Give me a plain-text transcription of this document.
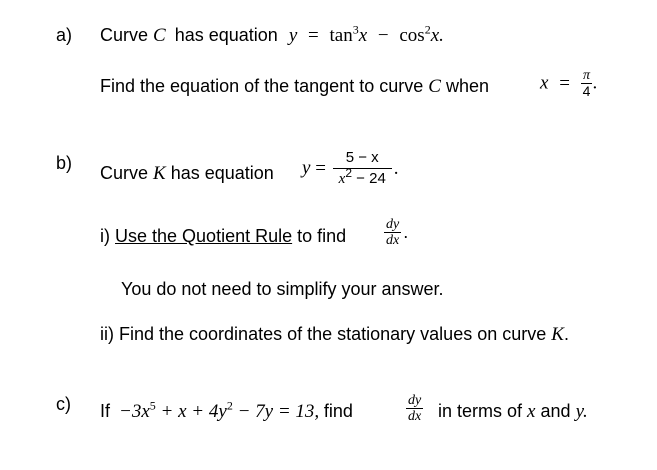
a) Curve C has equation $y = \tan^3x - \cos^2x$.
Find the equation of the tangent to curve C when	$x = \frac{\pi}{4}$ .
b) Curve K has equation $y = \frac{5 - x}{x^2 - 24}$ .
i) Use the Quotient Rule to find	$\frac{dy}{dx}$ .
You do not need to simplify your answer.
ii) Find the coordinates of the stationary values on curve K.
c) $If -3x^5 + x + 4y^2 - 7y = 13$, find	$\frac{dy}{dx}$ in terms of x and y.
